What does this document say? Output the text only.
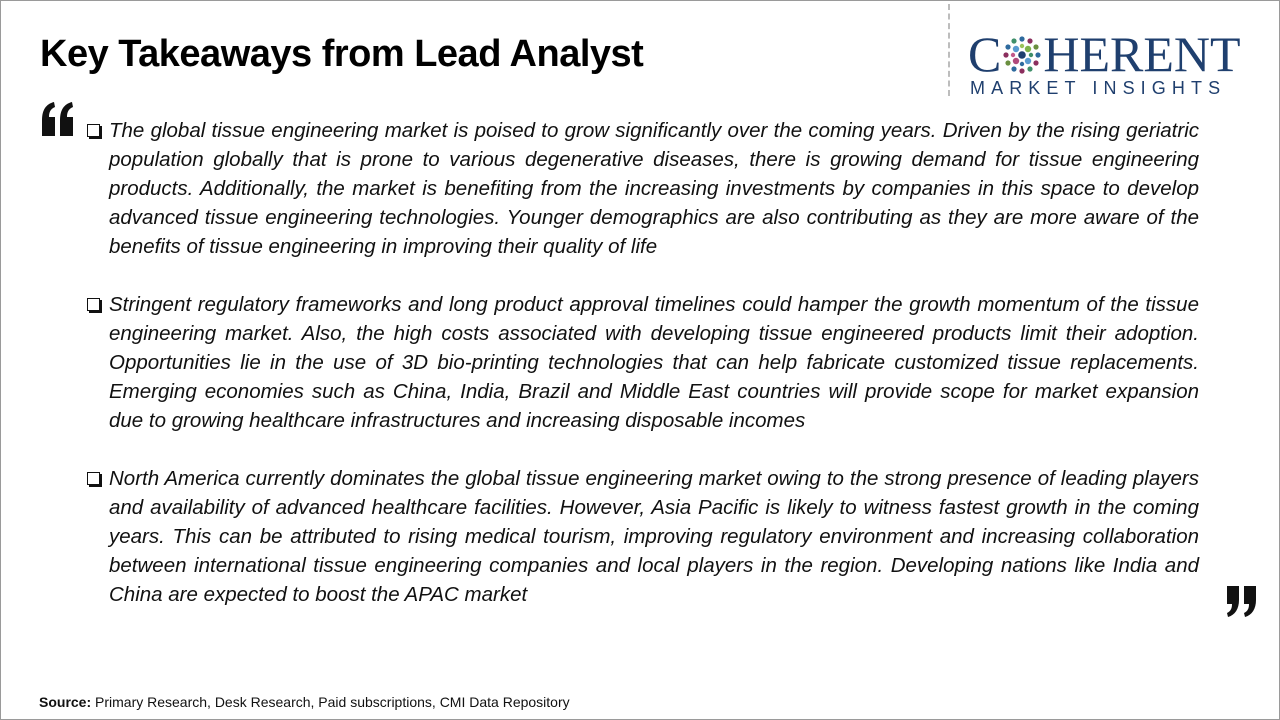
Key Takeaways from Lead Analyst	C HERENT
MARKET INSIGHTS
The global tissue engineering market is poised to grow significantly over the coming years. Driven by the rising geriatric population globally that is prone to various degenerative diseases, there is growing demand for tissue engineering products. Additionally, the market is benefiting from the increasing investments by companies in this space to develop advanced tissue engineering technologies. Younger demographics are also contributing as they are more aware of the benefits of tissue engineering in improving their quality of life
Stringent regulatory frameworks and long product approval timelines could hamper the growth momentum of the tissue engineering market. Also, the high costs associated with developing tissue engineered products limit their adoption. Opportunities lie in the use of 3D bio-printing technologies that can help fabricate customized tissue replacements. Emerging economies such as China, India, Brazil and Middle East countries will provide scope for market expansion due to growing healthcare infrastructures and increasing disposable incomes
North America currently dominates the global tissue engineering market owing to the strong presence of leading players and availability of advanced healthcare facilities. However, Asia Pacific is likely to witness fastest growth in the coming years. This can be attributed to rising medical tourism, improving regulatory environment and increasing collaboration between international tissue engineering companies and local players in the region. Developing nations like India and China are expected to boost the APAC market
Source: Primary Research, Desk Research, Paid subscriptions, CMI Data Repository
